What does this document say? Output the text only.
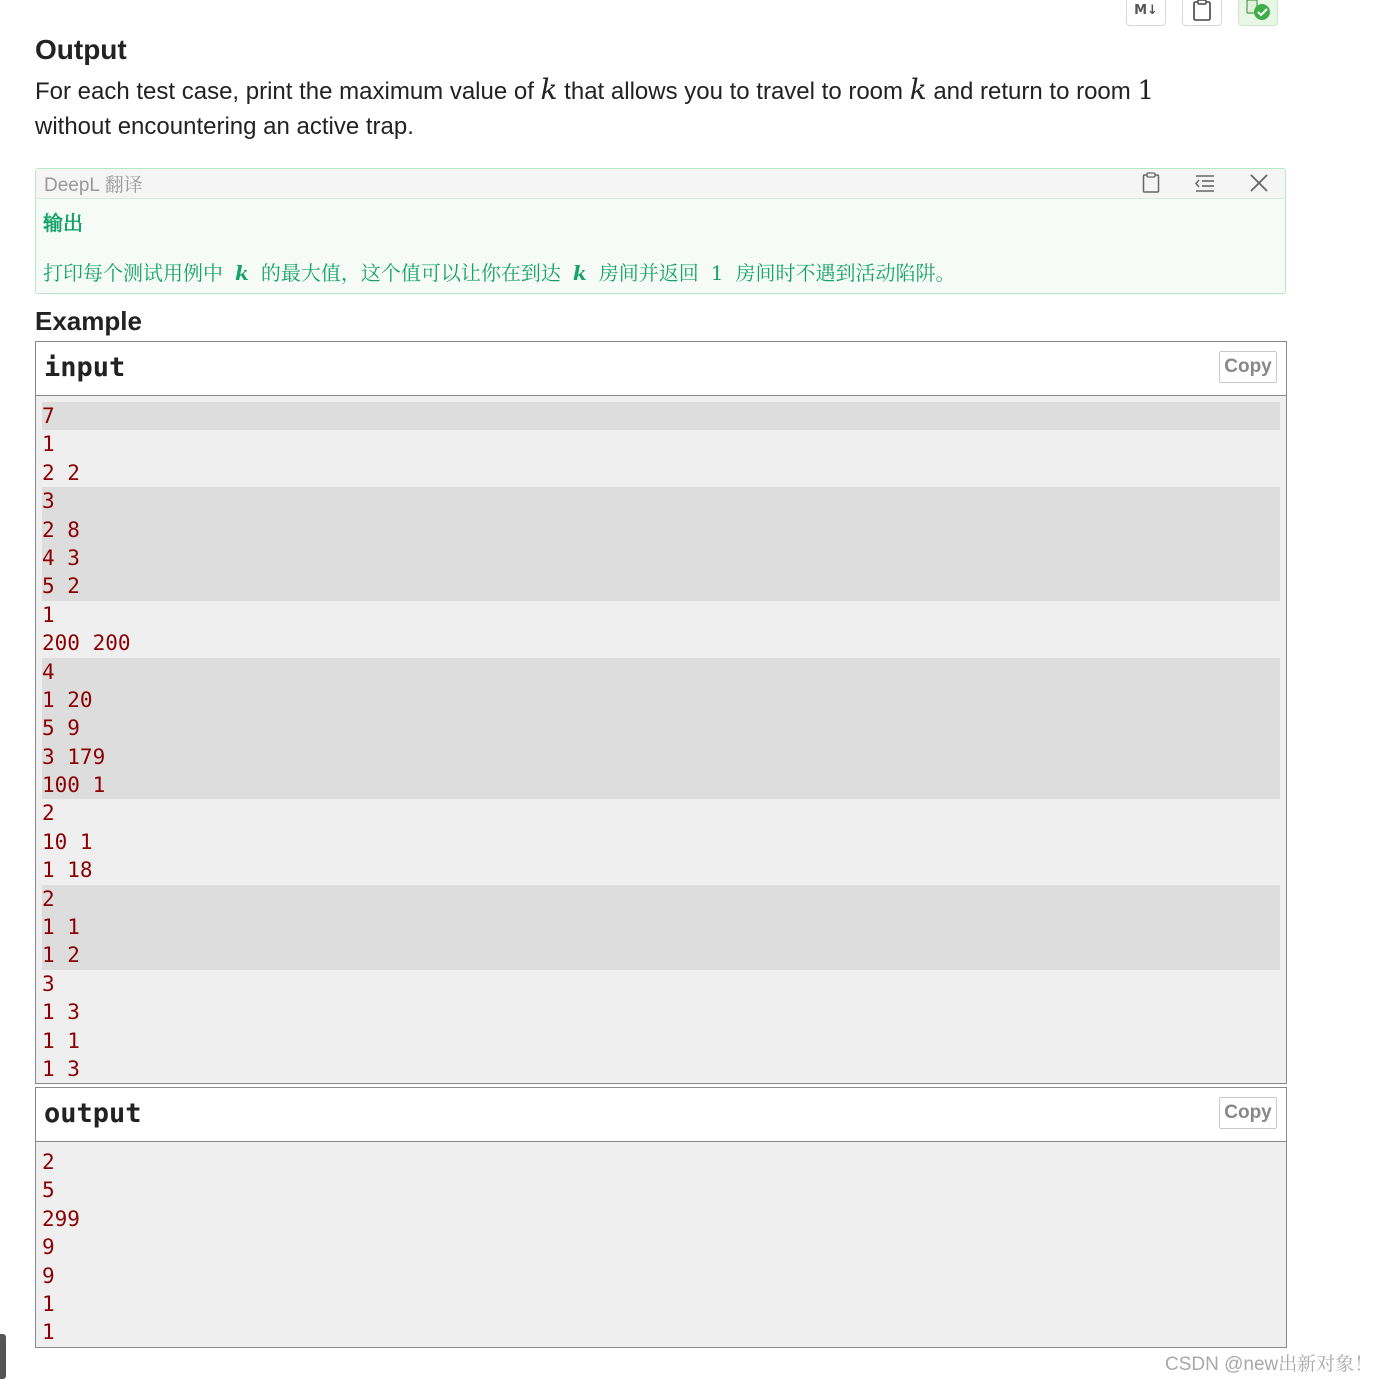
M↓
Output
For each test case, print the maximum value of k that allows you to travel to room k and return to room 1
without encountering an active trap.
DeepL 翻译
输出
打印每个测试用例中 k 的最大值，这个值可以让你在到达 k 房间并返回 1 房间时不遇到活动陷阱。
Example
input	Copy
7
1
2 2
3
2 8
4 3
5 2
1
200 200
4
1 20
5 9
3 179
100 1
2
10 1
1 18
2
1 1
1 2
3
1 3
1 1
1 3
output	Copy
2
5
299
9
9
1
1
CSDN @new出新对象！
